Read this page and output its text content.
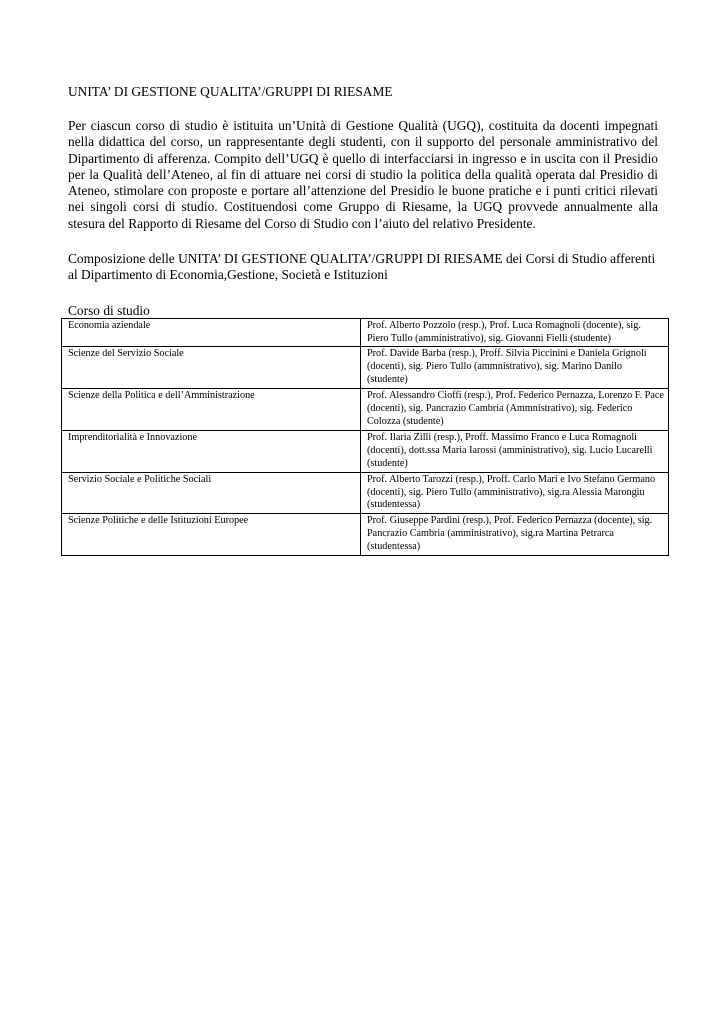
UNITA’ DI GESTIONE QUALITA’/GRUPPI DI RIESAME

Per ciascun corso di studio è istituita un’Unità di Gestione Qualità (UGQ), costituita da docenti impegnati nella didattica del corso, un rappresentante degli studenti, con il supporto del personale amministrativo del Dipartimento di afferenza. Compito dell’UGQ è quello di interfacciarsi in ingresso e in uscita con il Presidio per la Qualità dell’Ateneo, al fin di attuare nei corsi di studio la politica della qualità operata dal Presidio di Ateneo, stimolare con proposte e portare all’attenzione del Presidio le buone pratiche e i punti critici rilevati nei singoli corsi di studio. Costituendosi come Gruppo di Riesame, la UGQ provvede annualmente alla stesura del Rapporto di Riesame del Corso di Studio con l’aiuto del relativo Presidente.

Composizione delle UNITA’ DI GESTIONE QUALITA’/GRUPPI DI RIESAME dei Corsi di Studio afferenti al Dipartimento di Economia,Gestione, Società e Istituzioni

Corso di studio

Economia aziendale	Prof. Alberto Pozzolo (resp.), Prof. Luca Romagnoli (docente), sig. Piero Tullo (amministrativo), sig. Giovanni Fielli (studente)
Scienze del Servizio Sociale	Prof. Davide Barba (resp.), Proff. Silvia Piccinini e Daniela Grignoli (docenti), sig. Piero Tullo (ammnistrativo), sig. Marino Danilo (studente)
Scienze della Politica e dell’Amministrazione	Prof. Alessandro Cioffi (resp.), Prof. Federico Pernazza, Lorenzo F. Pace (docenti), sig. Pancrazio Cambria (Ammnistrativo), sig. Federico Colozza (studente)
Imprenditorialità e Innovazione	Prof. Ilaria Zilli (resp.), Proff. Massimo Franco e Luca Romagnoli (docenti), dott.ssa Maria Iarossi (amministrativo), sig. Lucio Lucarelli (studente)
Servizio Sociale e Politiche Sociali	Prof. Alberto Tarozzi (resp.), Proff. Carlo Mari e Ivo Stefano Germano (docenti), sig. Piero Tullo (amministrativo), sig.ra Alessia Marongiu (studentessa)
Scienze Politiche e delle Istituzioni Europee	Prof. Giuseppe Pardini (resp.), Prof. Federico Pernazza (docente), sig. Pancrazio Cambria (amministrativo), sig.ra Martina Petrarca (studentessa)
